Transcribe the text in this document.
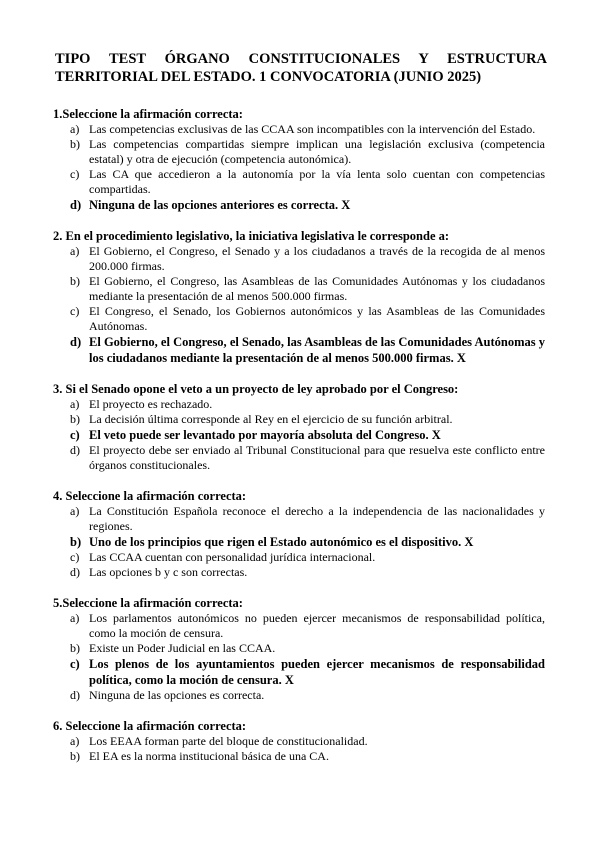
TIPO TEST ÓRGANO CONSTITUCIONALES Y ESTRUCTURA TERRITORIAL DEL ESTADO. 1 CONVOCATORIA (JUNIO 2025)

1.Seleccione la afirmación correcta:

a) Las competencias exclusivas de las CCAA son incompatibles con la intervención del Estado.
b) Las competencias compartidas siempre implican una legislación exclusiva (competencia estatal) y otra de ejecución (competencia autonómica).
c) Las CA que accedieron a la autonomía por la vía lenta solo cuentan con competencias compartidas.
d) Ninguna de las opciones anteriores es correcta. X

2. En el procedimiento legislativo, la iniciativa legislativa le corresponde a:

a) El Gobierno, el Congreso, el Senado y a los ciudadanos a través de la recogida de al menos 200.000 firmas.
b) El Gobierno, el Congreso, las Asambleas de las Comunidades Autónomas y los ciudadanos mediante la presentación de al menos 500.000 firmas.
c) El Congreso, el Senado, los Gobiernos autonómicos y las Asambleas de las Comunidades Autónomas.
d) El Gobierno, el Congreso, el Senado, las Asambleas de las Comunidades Autónomas y los ciudadanos mediante la presentación de al menos 500.000 firmas. X

3. Si el Senado opone el veto a un proyecto de ley aprobado por el Congreso:

a) El proyecto es rechazado.
b) La decisión última corresponde al Rey en el ejercicio de su función arbitral.
c) El veto puede ser levantado por mayoría absoluta del Congreso. X
d) El proyecto debe ser enviado al Tribunal Constitucional para que resuelva este conflicto entre órganos constitucionales.

4. Seleccione la afirmación correcta:

a) La Constitución Española reconoce el derecho a la independencia de las nacionalidades y regiones.
b) Uno de los principios que rigen el Estado autonómico es el dispositivo. X
c) Las CCAA cuentan con personalidad jurídica internacional.
d) Las opciones b y c son correctas.

5.Seleccione la afirmación correcta:

a) Los parlamentos autonómicos no pueden ejercer mecanismos de responsabilidad política, como la moción de censura.
b) Existe un Poder Judicial en las CCAA.
c) Los plenos de los ayuntamientos pueden ejercer mecanismos de responsabilidad política, como la moción de censura. X
d) Ninguna de las opciones es correcta.

6. Seleccione la afirmación correcta:

a) Los EEAA forman parte del bloque de constitucionalidad.
b) El EA es la norma institucional básica de una CA.
